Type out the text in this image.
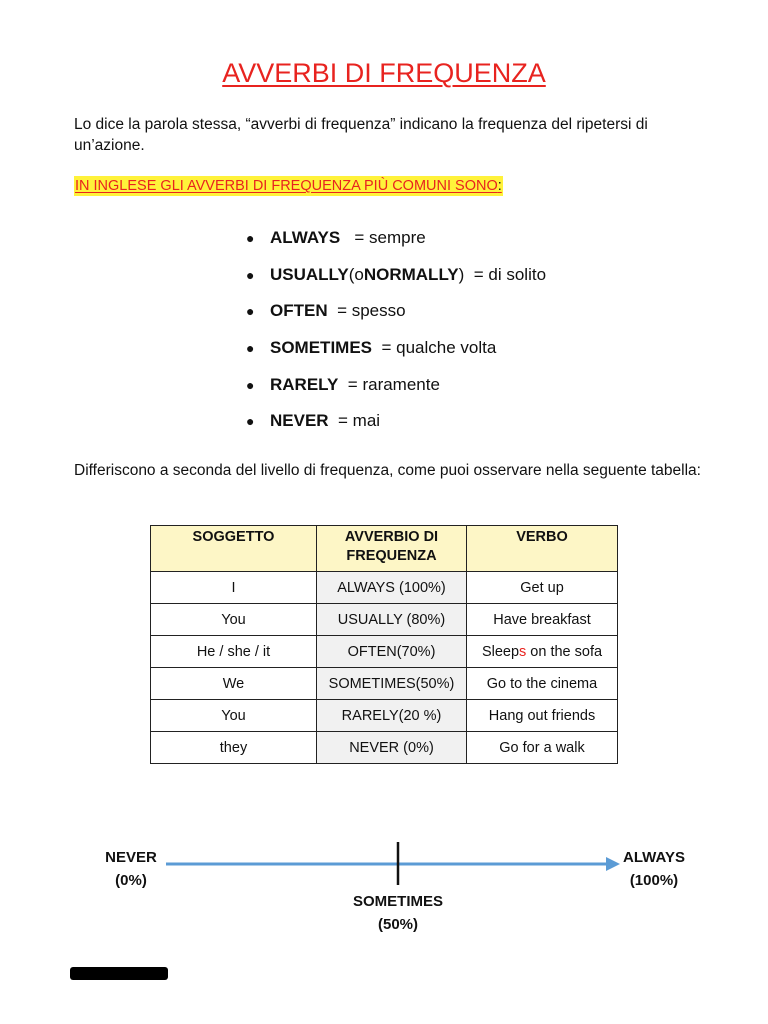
AVVERBI DI FREQUENZA
Lo dice la parola stessa, “avverbi di frequenza” indicano la frequenza del ripetersi di un’azione.
IN INGLESE GLI AVVERBI DI FREQUENZA PIÙ COMUNI SONO:
● ALWAYS
= sempre
● USUALLY (o NORMALLY )
= di solito
● OFTEN
= spesso
● SOMETIMES
= qualche volta
● RARELY
= raramente
● NEVER
= mai
Differiscono a seconda del livello di frequenza, come puoi osservare nella seguente tabella:
SOGGETTO	AVVERBIO DI FREQUENZA	VERBO
I	ALWAYS (100%)	Get up
You	USUALLY (80%)	Have breakfast
He / she / it	OFTEN(70%)	Sleeps on the sofa
We	SOMETIMES(50%)	Go to the cinema
You	RARELY(20 %)	Hang out friends
they	NEVER (0%)	Go for a walk
NEVER
(0%)
SOMETIMES
(50%)
ALWAYS
(100%)
